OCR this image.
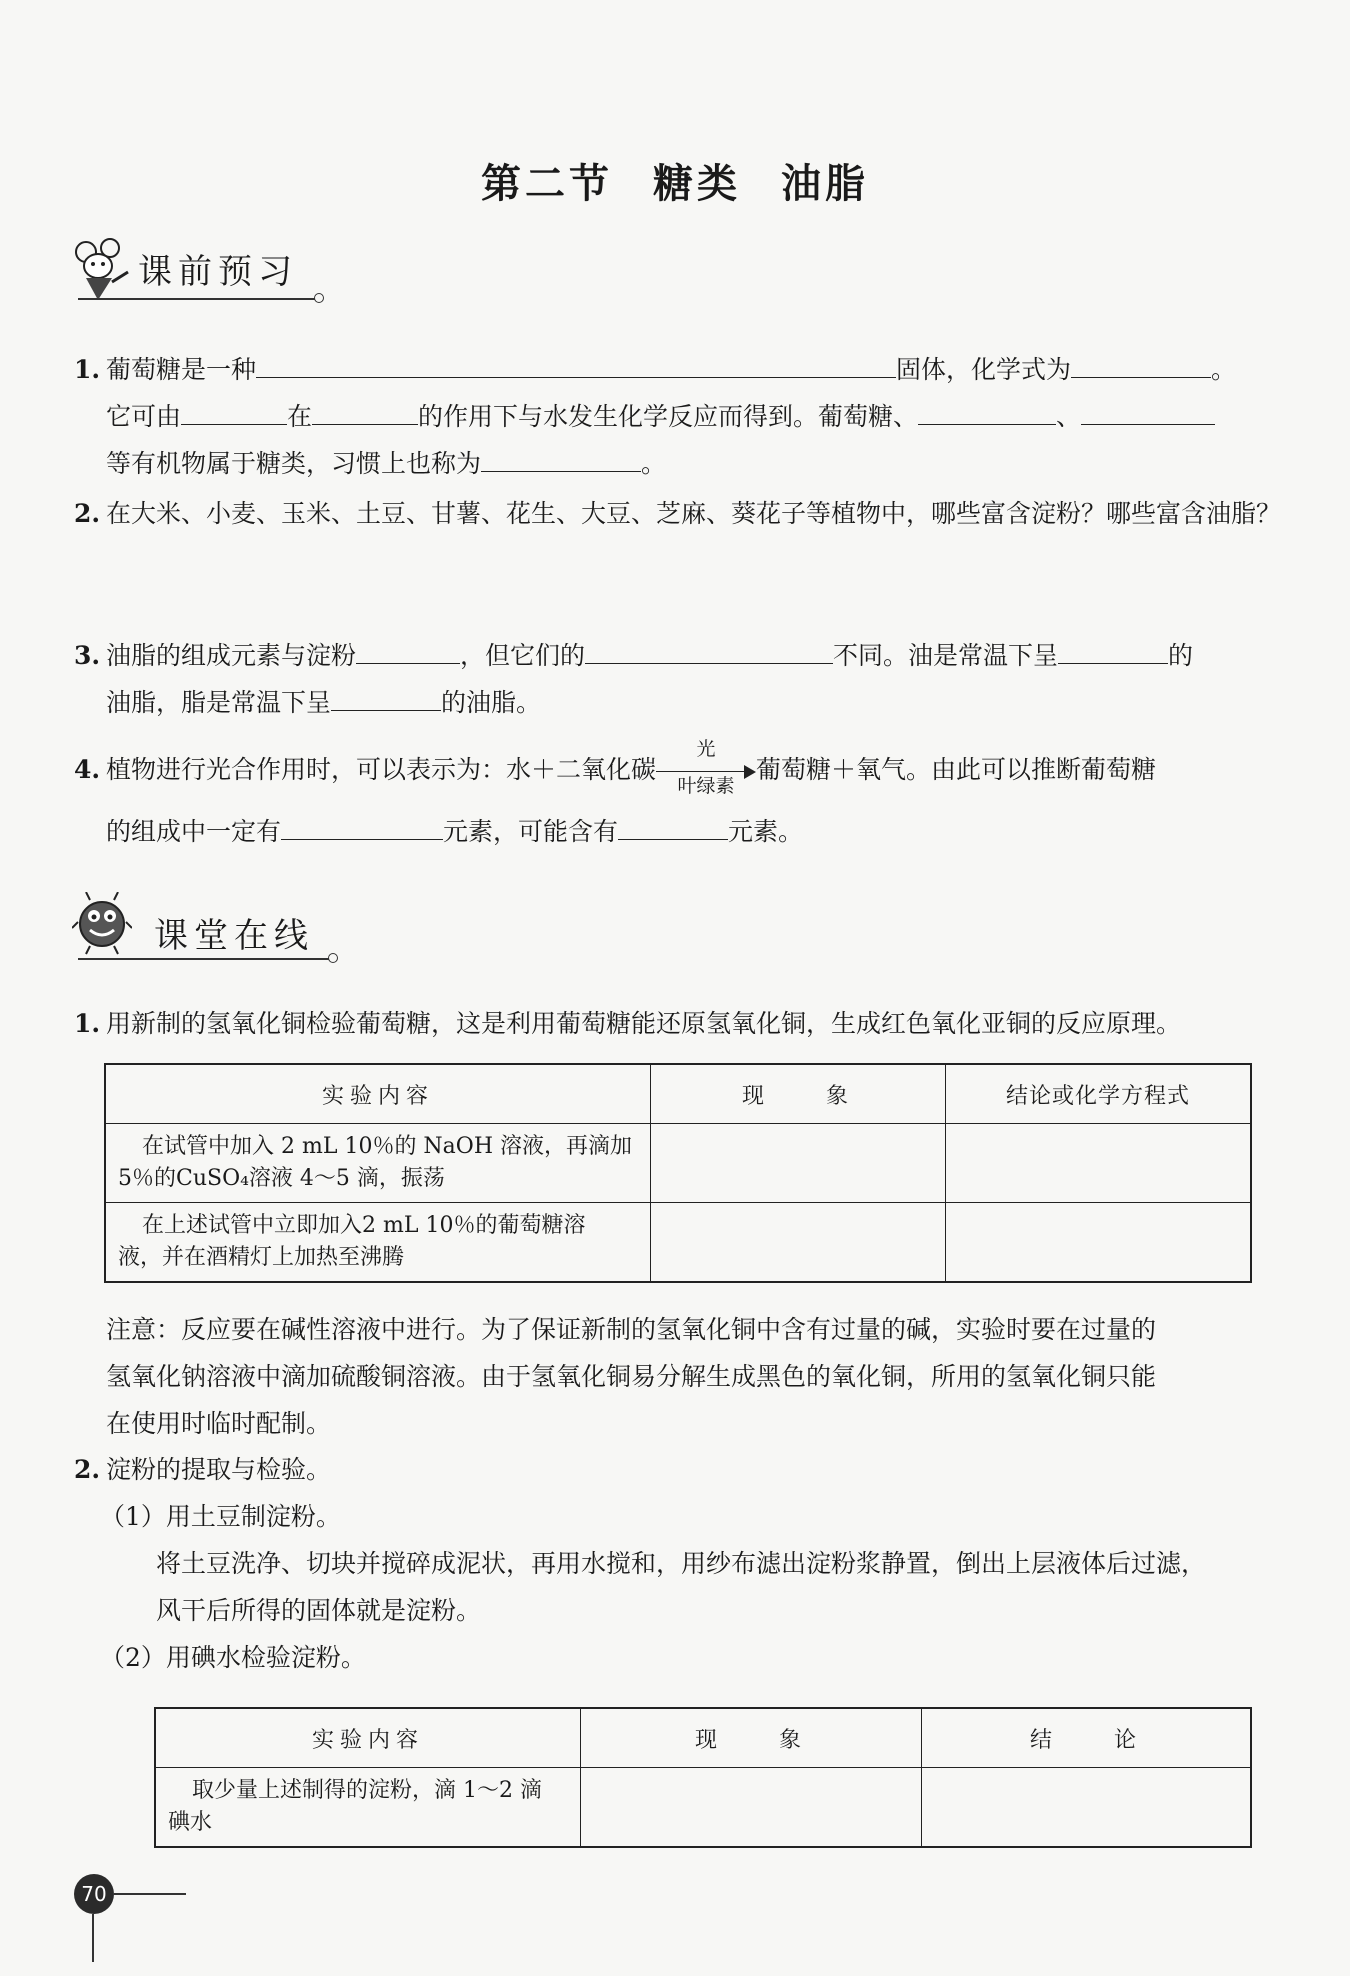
第二节 糖类 油脂
课前预习
1. 葡萄糖是一种	固体，化学式为	。
它可由	在	的作用下与水发生化学反应而得到。葡萄糖、	、
等有机物属于糖类，习惯上也称为	。
2. 在大米、小麦、玉米、土豆、甘薯、花生、大豆、芝麻、葵花子等植物中，哪些富含淀粉？哪些富含油脂？
3. 油脂的组成元素与淀粉	，但它们的	不同。油是常温下呈	的
油脂，脂是常温下呈	的油脂。
4. 植物进行光合作用时，可以表示为：水＋二氧化碳
光
叶绿素
葡萄糖＋氧气。由此可以推断葡萄糖
的组成中一定有	元素，可能含有	元素。
课堂在线
1. 用新制的氢氧化铜检验葡萄糖，这是利用葡萄糖能还原氢氧化铜，生成红色氧化亚铜的反应原理。
实验内容	现　　象	结论或化学方程式

在试管中加入 2 mL 10％的 NaOH 溶液，再滴加
5％的CuSO₄溶液 4～5 滴，振荡		

在上述试管中立即加入2 mL 10％的葡萄糖溶
液，并在酒精灯上加热至沸腾		

注意：反应要在碱性溶液中进行。为了保证新制的氢氧化铜中含有过量的碱，实验时要在过量的
氢氧化钠溶液中滴加硫酸铜溶液。由于氢氧化铜易分解生成黑色的氧化铜，所用的氢氧化铜只能
在使用时临时配制。
2. 淀粉的提取与检验。
（1）用土豆制淀粉。
将土豆洗净、切块并搅碎成泥状，再用水搅和，用纱布滤出淀粉浆静置，倒出上层液体后过滤，
风干后所得的固体就是淀粉。
（2）用碘水检验淀粉。
实验内容	现　　象	结　　论

取少量上述制得的淀粉，滴 1～2 滴
碘水		

70
